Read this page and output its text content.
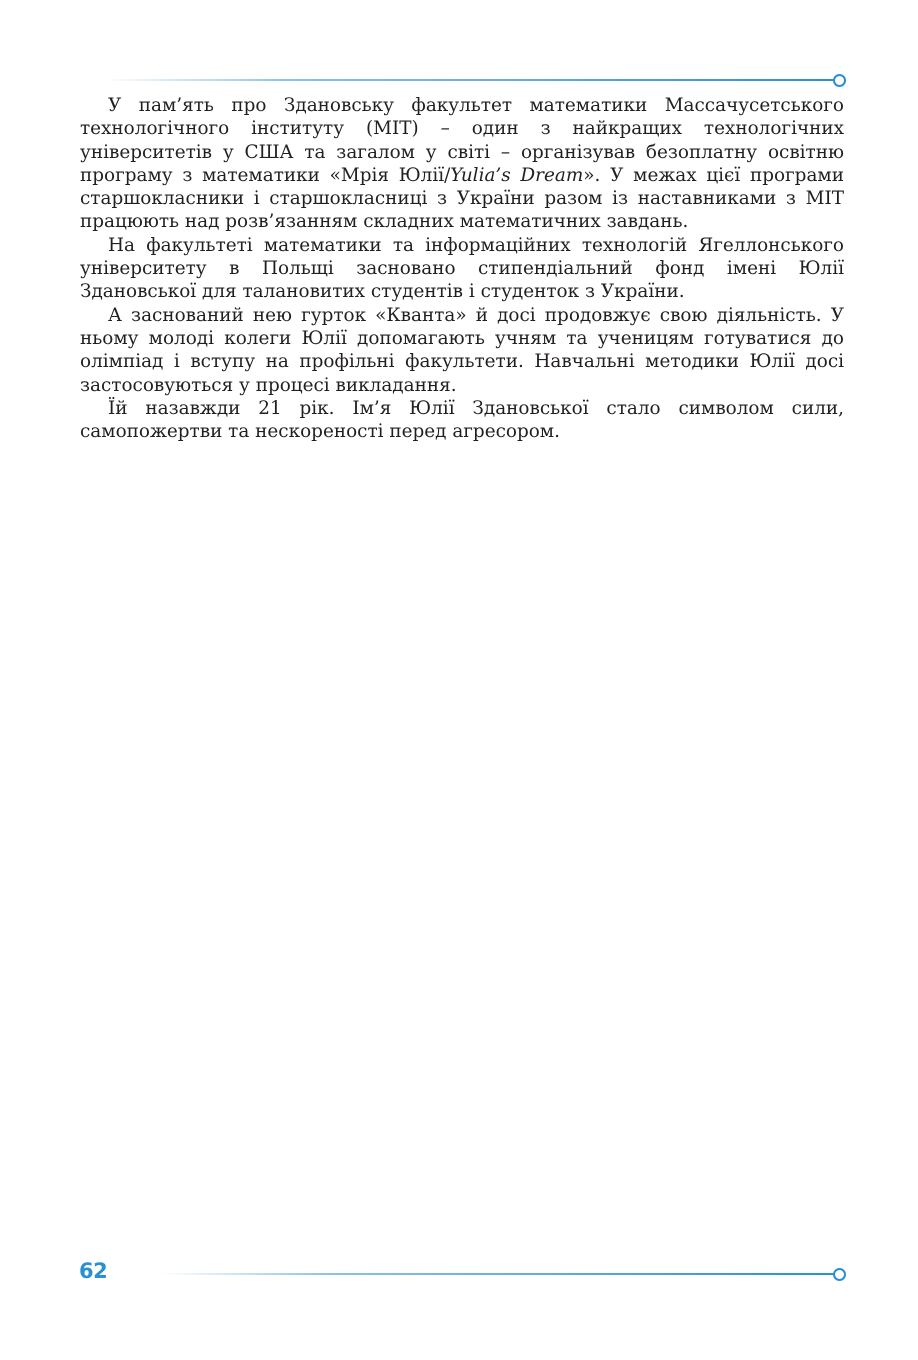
У пам’ять про Здановську факультет математики Массачусетського технологічного інституту (MIT) – один з найкращих технологічних університетів у США та загалом у світі – організував безоплатну освітню програму з математики «Мрія Юлії/Yulia’s Dream». У межах цієї програми старшокласники і старшокласниці з України разом із наставниками з MIT працюють над розв’язанням складних математичних завдань.

На факультеті математики та інформаційних технологій Ягеллонського університету в Польщі засновано стипендіальний фонд імені Юлії Здановської для талановитих студентів і студенток з України.

А заснований нею гурток «Кванта» й досі продовжує свою діяльність. У ньому молоді колеги Юлії допомагають учням та ученицям готуватися до олімпіад і вступу на профільні факультети. Навчальні методики Юлії досі застосовуються у процесі викладання.

Їй назавжди 21 рік. Ім’я Юлії Здановської стало символом сили, самопожертви та нескореності перед агресором.

62
